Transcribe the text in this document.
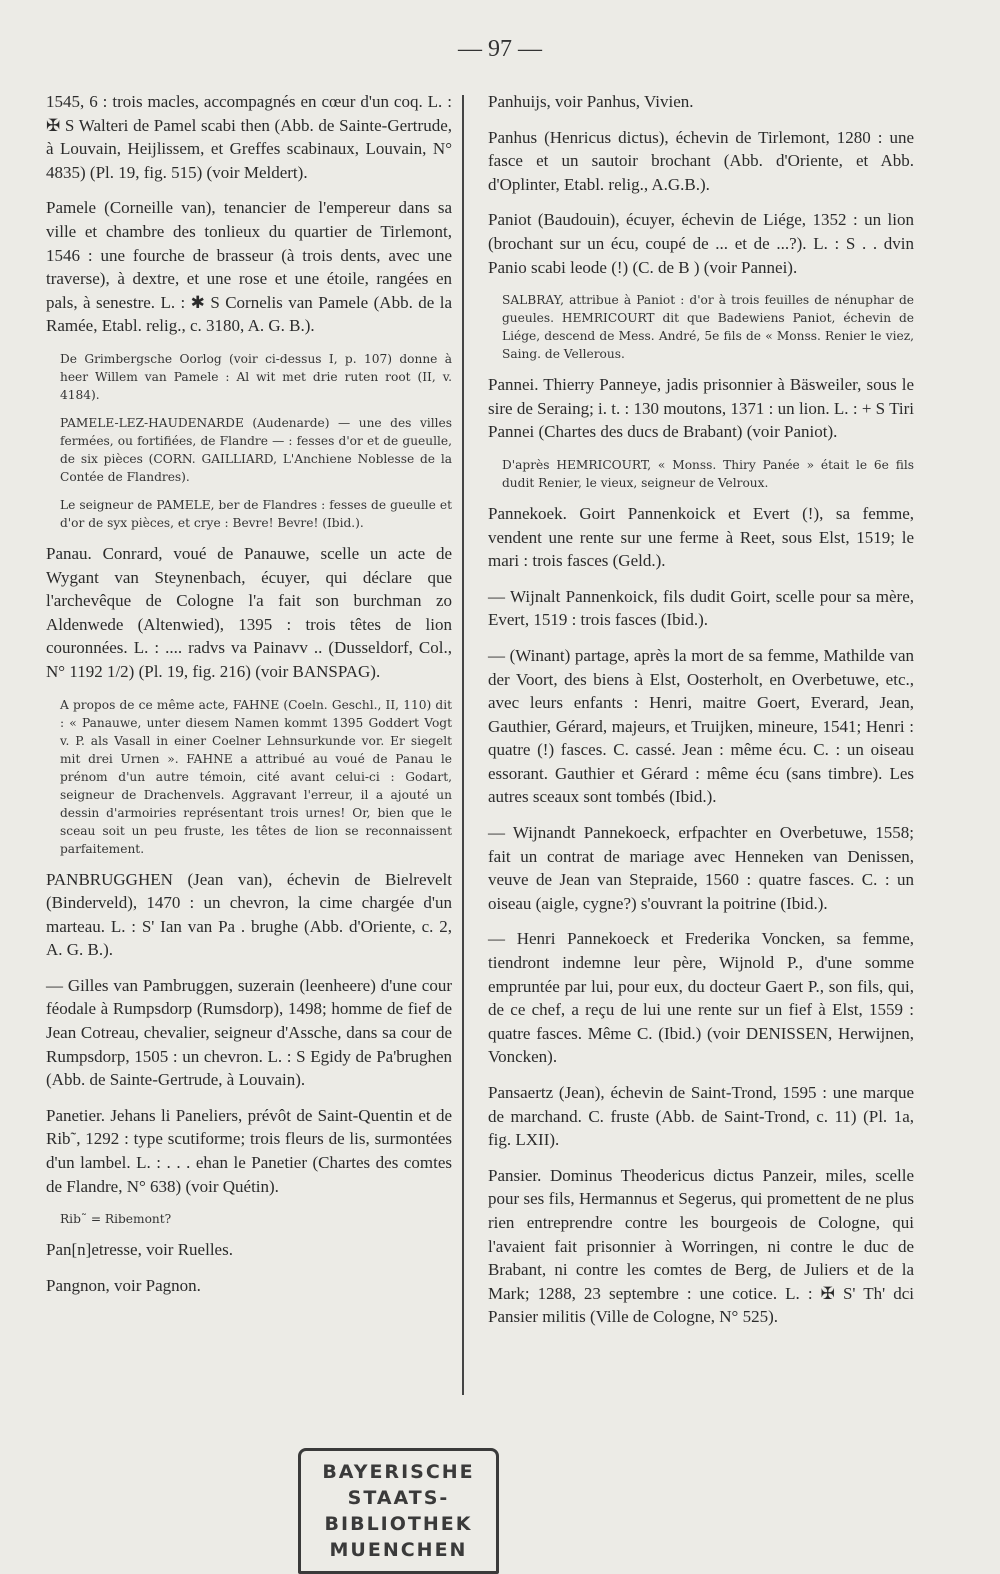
— 97 —

1545, 6 : trois macles, accompagnés en cœur d'un coq. L. : ✠ S Walteri de Pamel scabi then (Abb. de Sainte-Gertrude, à Louvain, Heijlissem, et Greffes scabinaux, Louvain, N° 4835) (Pl. 19, fig. 515) (voir Meldert).

Pamele (Corneille van), tenancier de l'empereur dans sa ville et chambre des tonlieux du quartier de Tirlemont, 1546 : une fourche de brasseur (à trois dents, avec une traverse), à dextre, et une rose et une étoile, rangées en pals, à senestre. L. : ✱ S Cornelis van Pamele (Abb. de la Ramée, Etabl. relig., c. 3180, A. G. B.).

De Grimbergsche Oorlog (voir ci-dessus I, p. 107) donne à heer Willem van Pamele : Al wit met drie ruten root (II, v. 4184).

PAMELE-LEZ-HAUDENARDE (Audenarde) — une des villes fermées, ou fortifiées, de Flandre — : fesses d'or et de gueulle, de six pièces (CORN. GAILLIARD, L'Anchiene Noblesse de la Contée de Flandres).

Le seigneur de PAMELE, ber de Flandres : fesses de gueulle et d'or de syx pièces, et crye : Bevre! Bevre! (Ibid.).

Panau. Conrard, voué de Panauwe, scelle un acte de Wygant van Steynenbach, écuyer, qui déclare que l'archevêque de Cologne l'a fait son burchman zo Aldenwede (Altenwied), 1395 : trois têtes de lion couronnées. L. : .... radvs va Painavv .. (Dusseldorf, Col., N° 1192 1/2) (Pl. 19, fig. 216) (voir BANSPAG).

A propos de ce même acte, FAHNE (Coeln. Geschl., II, 110) dit : « Panauwe, unter diesem Namen kommt 1395 Goddert Vogt v. P. als Vasall in einer Coelner Lehnsurkunde vor. Er siegelt mit drei Urnen ». FAHNE a attribué au voué de Panau le prénom d'un autre témoin, cité avant celui-ci : Godart, seigneur de Drachenvels. Aggravant l'erreur, il a ajouté un dessin d'armoiries représentant trois urnes! Or, bien que le sceau soit un peu fruste, les têtes de lion se reconnaissent parfaitement.

PANBRUGGHEN (Jean van), échevin de Bielrevelt (Binderveld), 1470 : un chevron, la cime chargée d'un marteau. L. : S' Ian van Pa . brughe (Abb. d'Oriente, c. 2, A. G. B.).

— Gilles van Pambruggen, suzerain (leenheere) d'une cour féodale à Rumpsdorp (Rumsdorp), 1498; homme de fief de Jean Cotreau, chevalier, seigneur d'Assche, dans sa cour de Rumpsdorp, 1505 : un chevron. L. : S Egidy de Pa'brughen (Abb. de Sainte-Gertrude, à Louvain).

Panetier. Jehans li Paneliers, prévôt de Saint-Quentin et de Rib˜, 1292 : type scutiforme; trois fleurs de lis, surmontées d'un lambel. L. : . . . ehan le Panetier (Chartes des comtes de Flandre, N° 638) (voir Quétin).

Rib˜ = Ribemont?

Pan[n]etresse, voir Ruelles.

Pangnon, voir Pagnon.

Panhuijs, voir Panhus, Vivien.

Panhus (Henricus dictus), échevin de Tirlemont, 1280 : une fasce et un sautoir brochant (Abb. d'Oriente, et Abb. d'Oplinter, Etabl. relig., A.G.B.).

Paniot (Baudouin), écuyer, échevin de Liége, 1352 : un lion (brochant sur un écu, coupé de ... et de ...?). L. : S . . dvin Panio scabi leode (!) (C. de B ) (voir Pannei).

SALBRAY, attribue à Paniot : d'or à trois feuilles de nénuphar de gueules. HEMRICOURT dit que Badewiens Paniot, échevin de Liége, descend de Mess. André, 5e fils de « Monss. Renier le viez, Saing. de Vellerous.

Pannei. Thierry Panneye, jadis prisonnier à Bäsweiler, sous le sire de Seraing; i. t. : 130 moutons, 1371 : un lion. L. : + S Tiri Pannei (Chartes des ducs de Brabant) (voir Paniot).

D'après HEMRICOURT, « Monss. Thiry Panée » était le 6e fils dudit Renier, le vieux, seigneur de Velroux.

Pannekoek. Goirt Pannenkoick et Evert (!), sa femme, vendent une rente sur une ferme à Reet, sous Elst, 1519; le mari : trois fasces (Geld.).

— Wijnalt Pannenkoick, fils dudit Goirt, scelle pour sa mère, Evert, 1519 : trois fasces (Ibid.).

— (Winant) partage, après la mort de sa femme, Mathilde van der Voort, des biens à Elst, Oosterholt, en Overbetuwe, etc., avec leurs enfants : Henri, maitre Goert, Everard, Jean, Gauthier, Gérard, majeurs, et Truijken, mineure, 1541; Henri : quatre (!) fasces. C. cassé. Jean : même écu. C. : un oiseau essorant. Gauthier et Gérard : même écu (sans timbre). Les autres sceaux sont tombés (Ibid.).

— Wijnandt Pannekoeck, erfpachter en Overbetuwe, 1558; fait un contrat de mariage avec Henneken van Denissen, veuve de Jean van Stepraide, 1560 : quatre fasces. C. : un oiseau (aigle, cygne?) s'ouvrant la poitrine (Ibid.).

— Henri Pannekoeck et Frederika Voncken, sa femme, tiendront indemne leur père, Wijnold P., d'une somme empruntée par lui, pour eux, du docteur Gaert P., son fils, qui, de ce chef, a reçu de lui une rente sur un fief à Elst, 1559 : quatre fasces. Même C. (Ibid.) (voir DENISSEN, Herwijnen, Voncken).

Pansaertz (Jean), échevin de Saint-Trond, 1595 : une marque de marchand. C. fruste (Abb. de Saint-Trond, c. 11) (Pl. 1a, fig. LXII).

Pansier. Dominus Theodericus dictus Panzeir, miles, scelle pour ses fils, Hermannus et Segerus, qui promettent de ne plus rien entreprendre contre les bourgeois de Cologne, qui l'avaient fait prisonnier à Worringen, ni contre le duc de Brabant, ni contre les comtes de Berg, de Juliers et de la Mark; 1288, 23 septembre : une cotice. L. : ✠ S' Th' dci Pansier militis (Ville de Cologne, N° 525).

BAYERISCHE
STAATS-
BIBLIOTHEK
MUENCHEN
